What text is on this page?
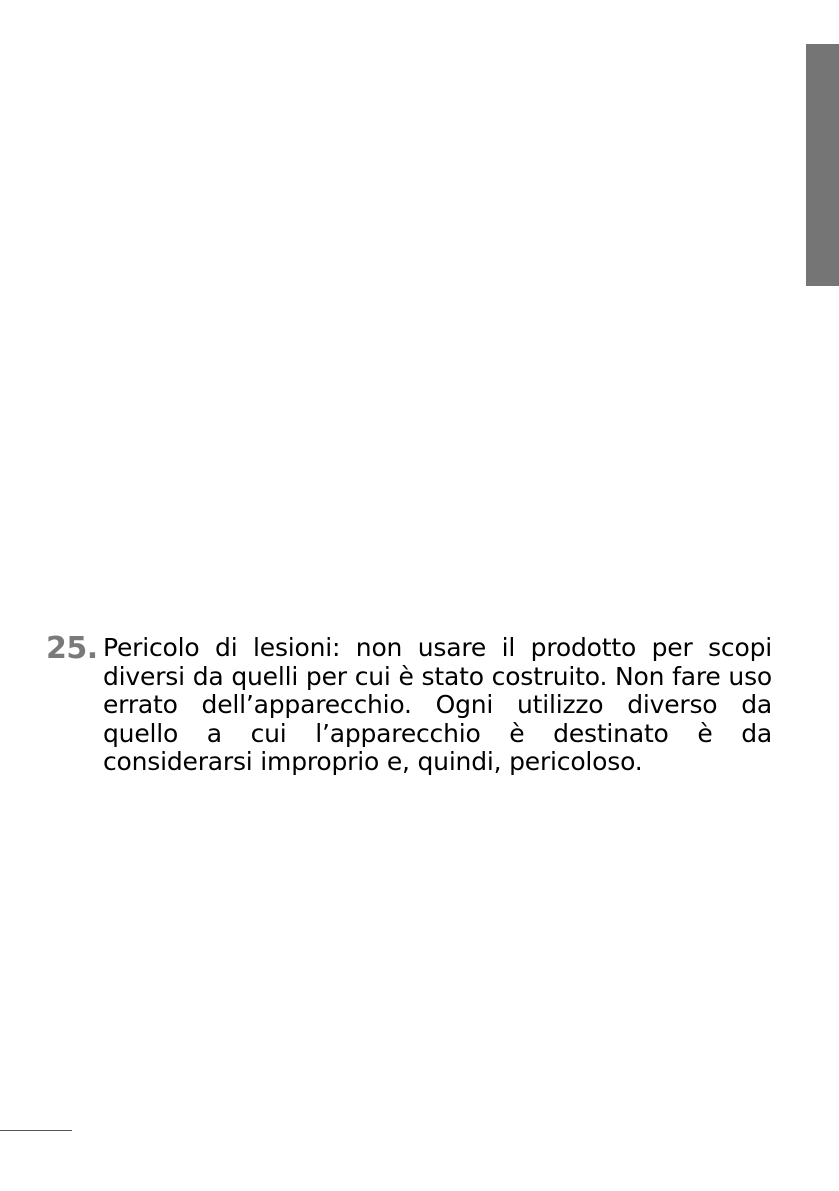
25. Pericolo di lesioni: non usare il prodotto per scopi diversi da quelli per cui è stato costruito. Non fare uso errato dell’apparecchio. Ogni utilizzo diverso da quello a cui l’apparecchio è destinato è da considerarsi improprio e, quindi, pericoloso.
